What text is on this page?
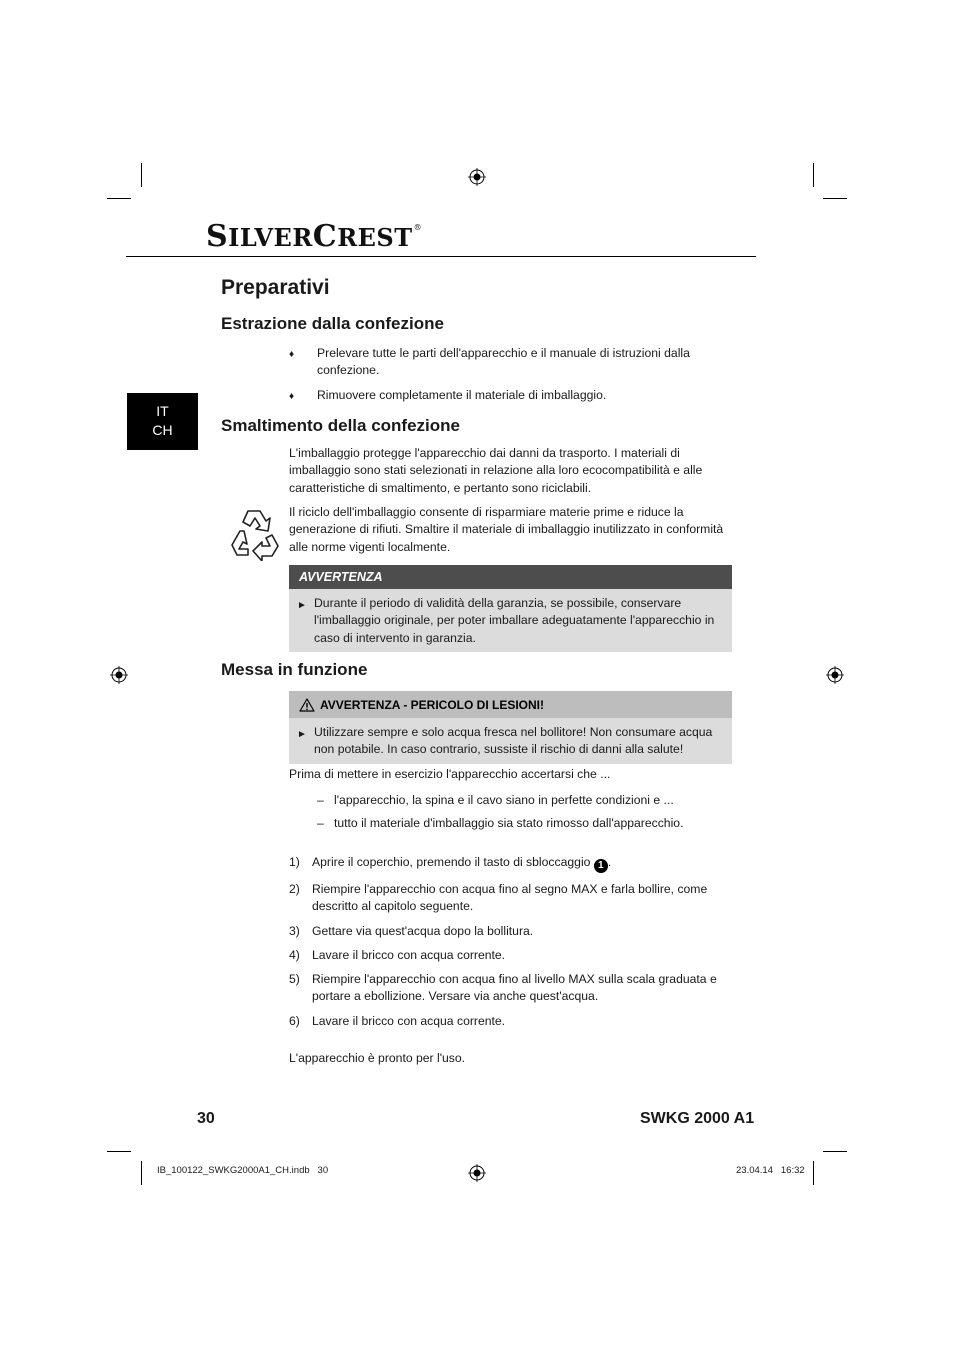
SILVERCREST®
Preparativi
IT
CH
Estrazione dalla confezione
♦	Prelevare tutte le parti dell'apparecchio e il manuale di istruzioni dalla confezione.
♦	Rimuovere completamente il materiale di imballaggio.
Smaltimento della confezione
L'imballaggio protegge l'apparecchio dai danni da trasporto. I materiali di imballaggio sono stati selezionati in relazione alla loro ecocompatibilità e alle caratteristiche di smaltimento, e pertanto sono riciclabili.
Il riciclo dell'imballaggio consente di risparmiare materie prime e riduce la generazione di rifiuti. Smaltire il materiale di imballaggio inutilizzato in conformità alle norme vigenti localmente.
AVVERTENZA
► Durante il periodo di validità della garanzia, se possibile, conservare l'imballaggio originale, per poter imballare adeguatamente l'apparecchio in caso di intervento in garanzia.
Messa in funzione
AVVERTENZA - PERICOLO DI LESIONI!
► Utilizzare sempre e solo acqua fresca nel bollitore! Non consumare acqua non potabile. In caso contrario, sussiste il rischio di danni alla salute!
Prima di mettere in esercizio l'apparecchio accertarsi che ...
– l'apparecchio, la spina e il cavo siano in perfette condizioni e ...
– tutto il materiale d'imballaggio sia stato rimosso dall'apparecchio.
1) Aprire il coperchio, premendo il tasto di sbloccaggio 1 .
2) Riempire l'apparecchio con acqua fino al segno MAX e farla bollire, come descritto al capitolo seguente.
3) Gettare via quest'acqua dopo la bollitura.
4) Lavare il bricco con acqua corrente.
5) Riempire l'apparecchio con acqua fino al livello MAX sulla scala graduata e portare a ebollizione. Versare via anche quest'acqua.
6) Lavare il bricco con acqua corrente.
L'apparecchio è pronto per l'uso.
30	SWKG 2000 A1
IB_100122_SWKG2000A1_CH.indb   30	23.04.14   16:32
